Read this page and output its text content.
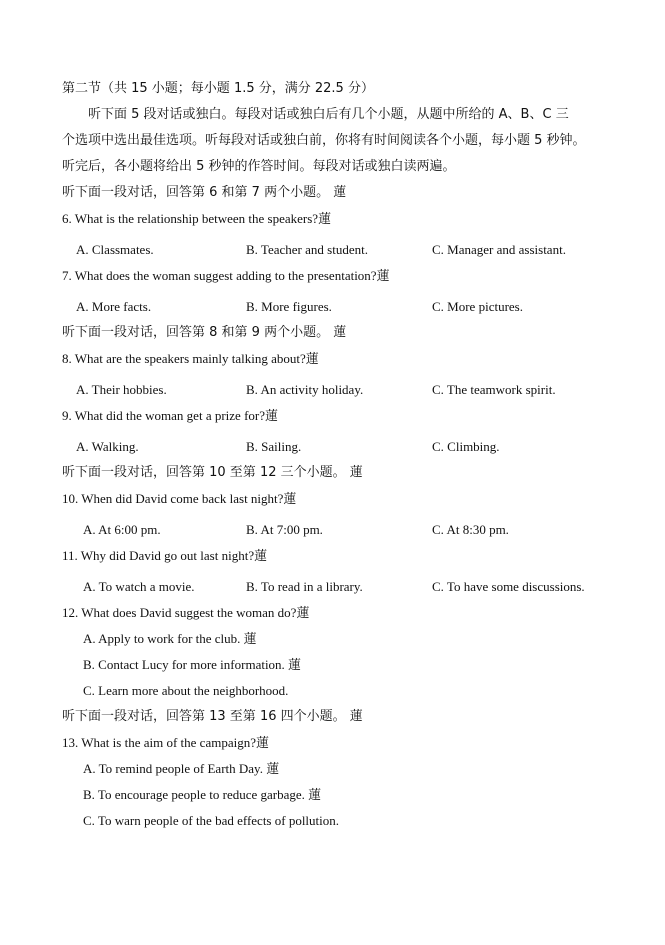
第二节（共 15 小题；每小题 1.5 分，满分 22.5 分）
听下面 5 段对话或独白。每段对话或独白后有几个小题，从题中所给的 A、B、C 三
个选项中选出最佳选项。听每段对话或独白前，你将有时间阅读各个小题，每小题 5 秒钟。
听完后，各小题将给出 5 秒钟的作答时间。每段对话或独白读两遍。
听下面一段对话，回答第 6 和第 7 两个小题。 蓮
6. What is the relationship between the speakers?蓮
A. Classmates.	B. Teacher and student.	C. Manager and assistant.
7. What does the woman suggest adding to the presentation?蓮
A. More facts.	B. More figures.	C. More pictures.
听下面一段对话，回答第 8 和第 9 两个小题。 蓮
8. What are the speakers mainly talking about?蓮
A. Their hobbies.	B. An activity holiday.	C. The teamwork spirit.
9. What did the woman get a prize for?蓮
A. Walking.	B. Sailing.	C. Climbing.
听下面一段对话，回答第 10 至第 12 三个小题。 蓮
10. When did David come back last night?蓮
A. At 6:00 pm.	B. At 7:00 pm.	C. At 8:30 pm.
11. Why did David go out last night?蓮
A. To watch a movie.	B. To read in a library.	C. To have some discussions.
12. What does David suggest the woman do?蓮
A. Apply to work for the club. 蓮
B. Contact Lucy for more information. 蓮
C. Learn more about the neighborhood.
听下面一段对话，回答第 13 至第 16 四个小题。 蓮
13. What is the aim of the campaign?蓮
A. To remind people of Earth Day. 蓮
B. To encourage people to reduce garbage. 蓮
C. To warn people of the bad effects of pollution.
